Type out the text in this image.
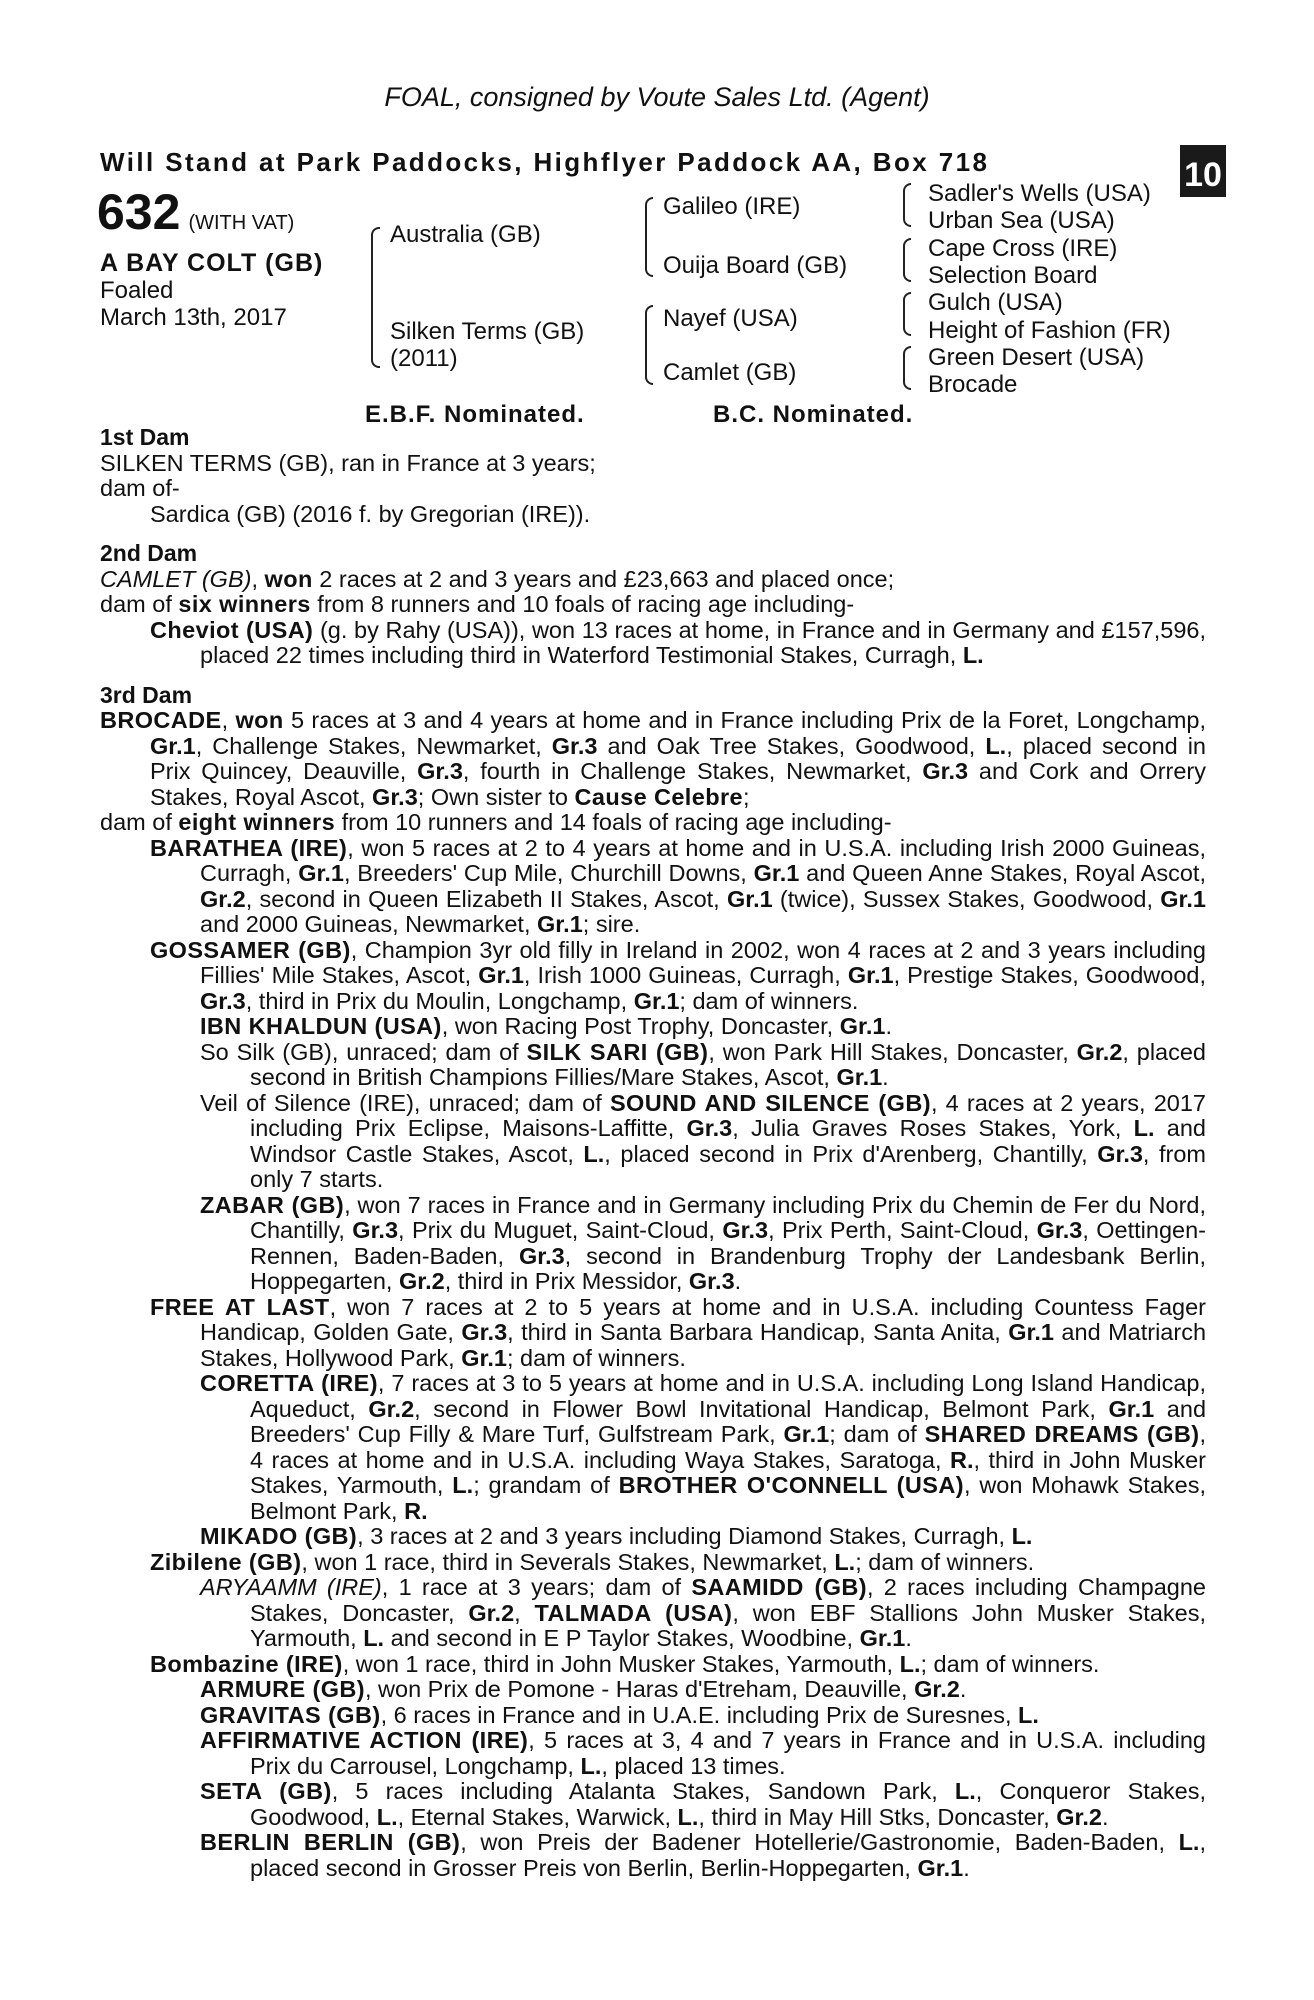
FOAL, consigned by Voute Sales Ltd. (Agent)
Will Stand at Park Paddocks, Highflyer Paddock AA, Box 718
+
10
632 (WITH VAT)
A BAY COLT (GB)
Foaled
March 13th, 2017
Australia (GB)
Silken Terms (GB)
(2011)
Galileo (IRE)
Ouija Board (GB)
Nayef (USA)
Camlet (GB)
Sadler's Wells (USA)
Urban Sea (USA)
Cape Cross (IRE)
Selection Board
Gulch (USA)
Height of Fashion (FR)
Green Desert (USA)
Brocade
E.B.F. Nominated.	B.C. Nominated.
1st Dam
SILKEN TERMS (GB), ran in France at 3 years;
dam of-
Sardica (GB) (2016 f. by Gregorian (IRE)).
2nd Dam
CAMLET (GB), won 2 races at 2 and 3 years and £23,663 and placed once;
dam of six winners from 8 runners and 10 foals of racing age including-
Cheviot (USA) (g. by Rahy (USA)), won 13 races at home, in France and in Germany and £157,596, placed 22 times including third in Waterford Testimonial Stakes, Curragh, L.
3rd Dam
BROCADE, won 5 races at 3 and 4 years at home and in France including Prix de la Foret, Longchamp, Gr.1, Challenge Stakes, Newmarket, Gr.3 and Oak Tree Stakes, Goodwood, L., placed second in Prix Quincey, Deauville, Gr.3, fourth in Challenge Stakes, Newmarket, Gr.3 and Cork and Orrery Stakes, Royal Ascot, Gr.3; Own sister to Cause Celebre;
dam of eight winners from 10 runners and 14 foals of racing age including-
BARATHEA (IRE), won 5 races at 2 to 4 years at home and in U.S.A. including Irish 2000 Guineas, Curragh, Gr.1, Breeders' Cup Mile, Churchill Downs, Gr.1 and Queen Anne Stakes, Royal Ascot, Gr.2, second in Queen Elizabeth II Stakes, Ascot, Gr.1 (twice), Sussex Stakes, Goodwood, Gr.1 and 2000 Guineas, Newmarket, Gr.1; sire.
GOSSAMER (GB), Champion 3yr old filly in Ireland in 2002, won 4 races at 2 and 3 years including Fillies' Mile Stakes, Ascot, Gr.1, Irish 1000 Guineas, Curragh, Gr.1, Prestige Stakes, Goodwood, Gr.3, third in Prix du Moulin, Longchamp, Gr.1; dam of winners.
IBN KHALDUN (USA), won Racing Post Trophy, Doncaster, Gr.1.
So Silk (GB), unraced; dam of SILK SARI (GB), won Park Hill Stakes, Doncaster, Gr.2, placed second in British Champions Fillies/Mare Stakes, Ascot, Gr.1.
Veil of Silence (IRE), unraced; dam of SOUND AND SILENCE (GB), 4 races at 2 years, 2017 including Prix Eclipse, Maisons-Laffitte, Gr.3, Julia Graves Roses Stakes, York, L. and Windsor Castle Stakes, Ascot, L., placed second in Prix d'Arenberg, Chantilly, Gr.3, from only 7 starts.
ZABAR (GB), won 7 races in France and in Germany including Prix du Chemin de Fer du Nord, Chantilly, Gr.3, Prix du Muguet, Saint-Cloud, Gr.3, Prix Perth, Saint-Cloud, Gr.3, Oettingen-Rennen, Baden-Baden, Gr.3, second in Brandenburg Trophy der Landesbank Berlin, Hoppegarten, Gr.2, third in Prix Messidor, Gr.3.
FREE AT LAST, won 7 races at 2 to 5 years at home and in U.S.A. including Countess Fager Handicap, Golden Gate, Gr.3, third in Santa Barbara Handicap, Santa Anita, Gr.1 and Matriarch Stakes, Hollywood Park, Gr.1; dam of winners.
CORETTA (IRE), 7 races at 3 to 5 years at home and in U.S.A. including Long Island Handicap, Aqueduct, Gr.2, second in Flower Bowl Invitational Handicap, Belmont Park, Gr.1 and Breeders' Cup Filly & Mare Turf, Gulfstream Park, Gr.1; dam of SHARED DREAMS (GB), 4 races at home and in U.S.A. including Waya Stakes, Saratoga, R., third in John Musker Stakes, Yarmouth, L.; grandam of BROTHER O'CONNELL (USA), won Mohawk Stakes, Belmont Park, R.
MIKADO (GB), 3 races at 2 and 3 years including Diamond Stakes, Curragh, L.
Zibilene (GB), won 1 race, third in Severals Stakes, Newmarket, L.; dam of winners.
ARYAAMM (IRE), 1 race at 3 years; dam of SAAMIDD (GB), 2 races including Champagne Stakes, Doncaster, Gr.2, TALMADA (USA), won EBF Stallions John Musker Stakes, Yarmouth, L. and second in E P Taylor Stakes, Woodbine, Gr.1.
Bombazine (IRE), won 1 race, third in John Musker Stakes, Yarmouth, L.; dam of winners.
ARMURE (GB), won Prix de Pomone - Haras d'Etreham, Deauville, Gr.2.
GRAVITAS (GB), 6 races in France and in U.A.E. including Prix de Suresnes, L.
AFFIRMATIVE ACTION (IRE), 5 races at 3, 4 and 7 years in France and in U.S.A. including Prix du Carrousel, Longchamp, L., placed 13 times.
SETA (GB), 5 races including Atalanta Stakes, Sandown Park, L., Conqueror Stakes, Goodwood, L., Eternal Stakes, Warwick, L., third in May Hill Stks, Doncaster, Gr.2.
BERLIN BERLIN (GB), won Preis der Badener Hotellerie/Gastronomie, Baden-Baden, L., placed second in Grosser Preis von Berlin, Berlin-Hoppegarten, Gr.1.
